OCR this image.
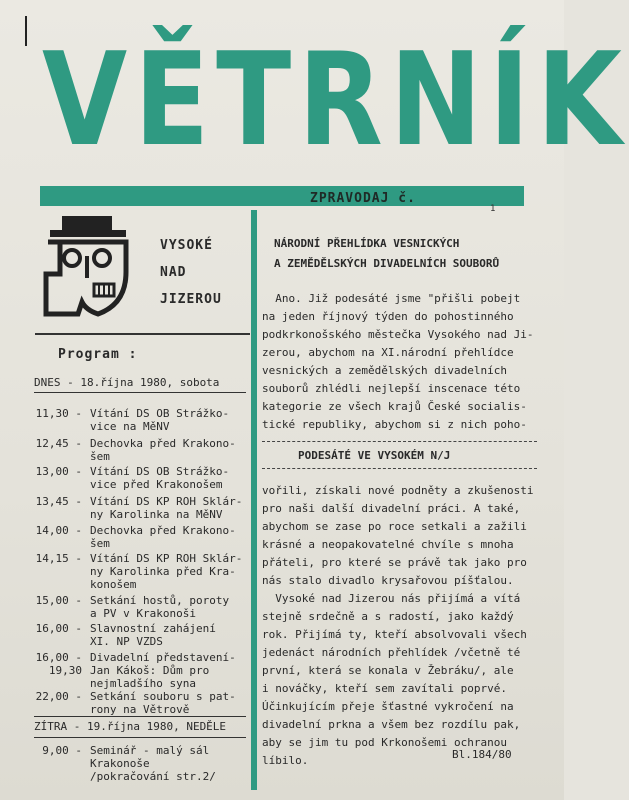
VĚTRNÍK
ZPRAVODAJ č.
1
VYSOKÉ
NAD
JIZEROU
NÁRODNÍ PŘEHLÍDKA VESNICKÝCH
A ZEMĚDĚLSKÝCH DIVADELNÍCH SOUBORŮ
Ano. Již podesáté jsme "přišli pobejt
na jeden říjnový týden do pohostinného
podkrkonošského městečka Vysokého nad Ji-
zerou, abychom na XI.národní přehlídce
vesnických a zemědělských divadelních
souborů zhlédli nejlepší inscenace této
kategorie ze všech krajů České socialis-
tické republiky, abychom si z nich poho-
PODESÁTÉ VE VYSOKÉM N/J
vořili, získali nové podněty a zkušenosti
pro naši další divadelní práci. A také,
abychom se zase po roce setkali a zažili
krásné a neopakovatelné chvíle s mnoha
přáteli, pro které se právě tak jako pro
nás stalo divadlo krysařovou píšťalou.
Vysoké nad Jizerou nás přijímá a vítá
stejně srdečně a s radostí, jako každý
rok. Přijímá ty, kteří absolvovali všech
jedenáct národních přehlídek /včetně té
první, která se konala v Žebráku/, ale
i nováčky, kteří sem zavítali poprvé.
Účinkujícím přeje šťastné vykročení na
divadelní prkna a všem bez rozdílu pak,
aby se jim tu pod Krkonošemi ochranou
líbilo.	Bl.184/80
Program :
DNES - 18.října 1980, sobota
11,30 - Vítání DS OB Strážko-
vice na MěNV
12,45 - Dechovka před Krakono-
šem
13,00 - Vítání DS OB Strážko-
vice před Krakonošem
13,45 - Vítání DS KP ROH Sklár-
ny Karolinka na MěNV
14,00 - Dechovka před Krakono-
šem
14,15 - Vítání DS KP ROH Sklár-
ny Karolinka před Kra-
konošem
15,00 - Setkání hostů, poroty
a PV v Krakonoši
16,00 - Slavnostní zahájení
XI. NP VZDS
16,00 -
19,30
Divadelní představení-
Jan Kákoš: Dům pro
nejmladšího syna
22,00 - Setkání souboru s pat-
rony na Větrově
ZÍTRA - 19.října 1980, NEDĚLE
9,00 - Seminář - malý sál
Krakonoše
/pokračování str.2/
